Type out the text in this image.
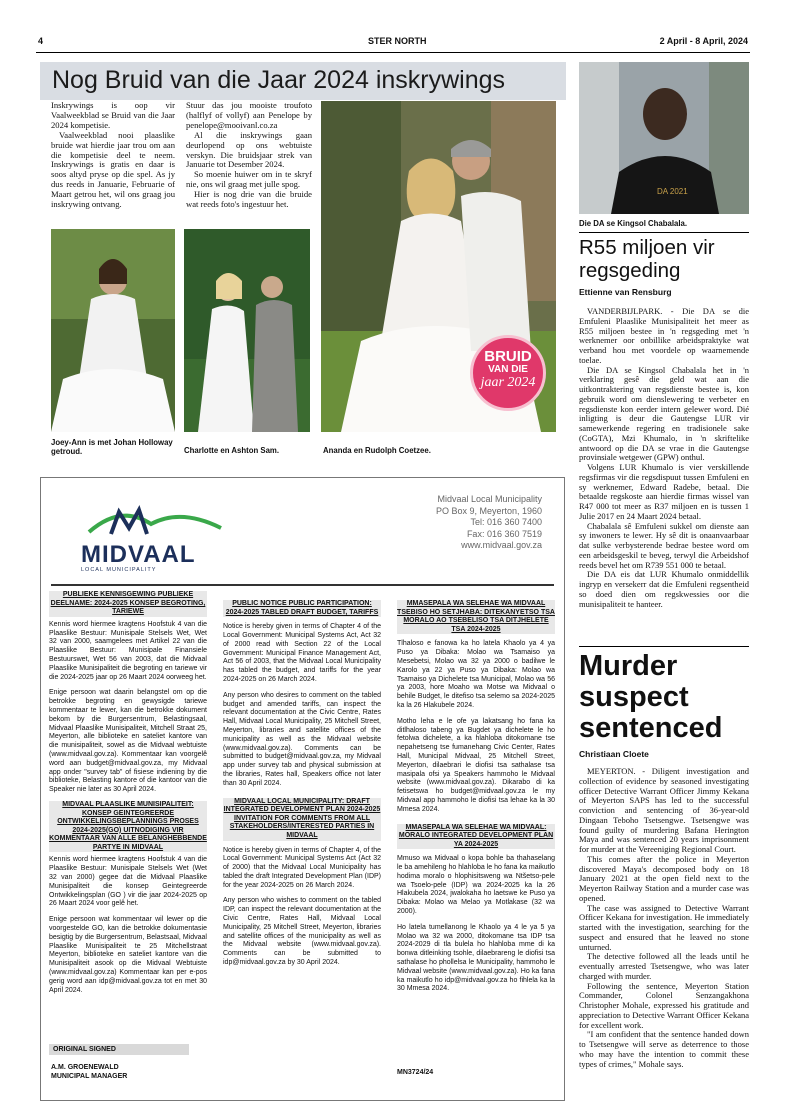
4	STER NORTH	2 April - 8 April, 2024
Nog Bruid van die Jaar 2024 inskrywings

Inskrywings is oop vir Vaalweekblad se Bruid van die Jaar 2024 kompetisie.

Vaalweekblad nooi plaaslike bruide wat hierdie jaar trou om aan die kompetisie deel te neem. Inskrywings is gratis en daar is soos altyd pryse op die spel. As jy dus reeds in Januarie, Februarie of Maart getrou het, wil ons graag jou inskrywing ontvang.

Stuur das jou mooiste troufoto (halflyf of vollyf) aan Penelope by penelope@mooivanl.co.za

Al die inskrywings gaan deurlopend op ons webtuiste verskyn. Die bruidsjaar strek van Januarie tot Desember 2024.

So moenie huiwer om in te skryf nie, ons wil graag met julle spog.

Hier is nog drie van die bruide wat reeds foto's ingestuur het.

Joey-Ann is met Johan Holloway getroud.	Charlotte en Ashton Sam.	Ananda en Rudolph Coetzee.
BRUID
VAN DIE
jaar 2024
DA 2021
Die DA se Kingsol Chabalala.
R55 miljoen vir regsgeding
Ettienne van Rensburg

VANDERBIJLPARK. - Die DA se die Emfuleni Plaaslike Munisipaliteit het meer as R55 miljoen bestee in 'n regsgeding met 'n werknemer oor onbillike arbeidspraktyke wat verband hou met voordele op waarnemende toelae.

Die DA se Kingsol Chabalala het in 'n verklaring gesê die geld wat aan die uitkontraktering van regsdienste bestee is, kon gebruik word om dienslewering te verbeter en regsdienste kon eerder intern gelewer word. Dié inligting is deur die Gautengse LUR vir samewerkende regering en tradisionele sake (CoGTA), Mzi Khumalo, in 'n skriftelike antwoord op die DA se vrae in die Gautengse provinsiale wetgewer (GPW) onthul.

Volgens LUR Khumalo is vier verskillende regsfirmas vir die regsdispuut tussen Emfuleni en sy werknemer, Edward Radebe, betaal. Die betaalde regskoste aan hierdie firmas wissel van R47 000 tot meer as R37 miljoen en is tussen 1 Julie 2017 en 24 Maart 2024 betaal.

Chabalala sê Emfuleni sukkel om dienste aan sy inwoners te lewer. Hy sê dit is onaanvaarbaar dat sulke verbysterende bedrae bestee word om een arbeidsgeskil te beveg, terwyl die Arbeidshof reeds bevel het om R739 551 000 te betaal.

Die DA eis dat LUR Khumalo onmiddellik ingryp en versekerr dat die Emfuleni regsentheid so doed dien om regskwessies oor die munisipaliteit te hanteer.

Murder
suspect
sentenced
Christiaan Cloete

MEYERTON. - Diligent investigation and collection of evidence by seasoned investigating officer Detective Warrant Officer Jimmy Kekana of Meyerton SAPS has led to the successful conviction and sentencing of 36-year-old Dingaan Teboho Tsetsengwe. Tsetsengwe was found guilty of murdering Bafana Herington Maya and was sentenced 20 years imprisonment for murder at the Vereeniging Regional Court.

This comes after the police in Meyerton discovered Maya's decomposed body on 18 January 2021 at the open field next to the Meyerton Railway Station and a murder case was opened.

The case was assigned to Detective Warrant Officer Kekana for investigation. He immediately started with the investigation, searching for the suspect and ensured that he leaved no stone unturned.

The detective followed all the leads until he eventually arrested Tsetsengwe, who was later charged with murder.

Following the sentence, Meyerton Station Commander, Colonel Senzangakhona Christopher Mohale, expressed his gratitude and appreciation to Detective Warrant Officer Kekana for excellent work.

"I am confident that the sentence handed down to Tsetsengwe will serve as deterrence to those who may have the intention to commit these types of crimes," Mohale says.

MIDVAAL
LOCAL MUNICIPALITY
Midvaal Local Municipality
PO Box 9, Meyerton, 1960
Tel: 016 360 7400
Fax: 016 360 7519
www.midvaal.gov.za
PUBLIEKE KENNISGEWING PUBLIEKE DEELNAME: 2024-2025 KONSEP BEGROTING, TARIEWE

Kennis word hiermee kragtens Hoofstuk 4 van die Plaaslike Bestuur: Munisipale Stelsels Wet, Wet 32 van 2000, saamgelees met Artikel 22 van die Plaaslike Bestuur: Munisipale Finansiele Bestuurswet, Wet 56 van 2003, dat die Midvaal Plaaslike Munisipaliteit die begroting en tariewe vir die 2024-2025 jaar op 26 Maart 2024 oorweeg het.

Enige persoon wat daarin belangstel om op die betrokke begroting en gewysigde tariewe kommentaar te lewer, kan die betrokke dokument bekom by die Burgersentrum, Belastingsaal, Midvaal Plaaslike Munisipaliteit, Mitchell Straat 25, Meyerton, alle biblioteke en sateliet kantore van die munisipaliteit, sowel as die Midvaal webtuiste (www.midvaal.gov.za). Kommentaar kan voorgelê word aan budget@midvaal.gov.za, my Midvaal app onder "survey tab" of fisiese indiening by die biblioteke, Belasting kantore of die kantoor van die Speaker nie later as 30 April 2024.

MIDVAAL PLAASLIKE MUNISIPALITEIT: KONSEP GEINTEGREERDE ONTWIKKELINGSBEPLANNINGS PROSES 2024-2025(GO) UITNODIGING VIR KOMMENTAAR VAN ALLE BELANGHEBBENDE PARTYE IN MIDVAAL

Kennis word hiermee kragtens Hoofstuk 4 van die Plaaslike Bestuur: Munisipale Stelsels Wet (Wet 32 van 2000) gegee dat die Midvaal Plaaslike Munisipaliteit die konsep Geintegreerde Ontwikkelingsplan (GO ) vir die jaar 2024-2025 op 26 Maart 2024 voor gelê het.

Enige persoon wat kommentaar wil lewer op die voorgestelde GO, kan die betrokke dokumentasie besigtig by die Burgersentrum, Belastsaal, Midvaal Plaaslike Munisipaliteit te 25 Mitchellstraat Meyerton, biblioteke en sateliet kantore van die Munisipaliteit asook op die Midvaal Webtuiste (www.midvaal.gov.za) Kommentaar kan per e-pos gerig word aan idp@midvaal.gov.za tot en met 30 April 2024.

PUBLIC NOTICE PUBLIC PARTICIPATION: 2024-2025 TABLED DRAFT BUDGET, TARIFFS

Notice is hereby given in terms of Chapter 4 of the Local Government: Municipal Systems Act, Act 32 of 2000 read with Section 22 of the Local Government: Municipal Finance Management Act, Act 56 of 2003, that the Midvaal Local Municipality has tabled the budget, and tariffs for the year 2024-2025 on 26 March 2024.

Any person who desires to comment on the tabled budget and amended tariffs, can inspect the relevant documentation at the Civic Centre, Rates Hall, Midvaal Local Municipality, 25 Mitchell Street, Meyerton, libraries and satellite offices of the municipality as well as the Midvaal website (www.midvaal.gov.za). Comments can be submitted to budget@midvaal.gov.za, my Midvaal app under survey tab and physical submission at the libraries, Rates hall, Speakers office not later than 30 April 2024.

MIDVAAL LOCAL MUNICIPALITY: DRAFT INTEGRATED DEVELOPMENT PLAN 2024-2025 INVITATION FOR COMMENTS FROM ALL STAKEHOLDERS/INTERESTED PARTIES IN MIDVAAL

Notice is hereby given in terms of Chapter 4, of the Local Government: Municipal Systems Act (Act 32 of 2000) that the Midvaal Local Municipality has tabled the draft Integrated Development Plan (IDP) for the year 2024-2025 on 26 March 2024.

Any person who wishes to comment on the tabled IDP, can inspect the relevant documentation at the Civic Centre, Rates Hall, Midvaal Local Municipality, 25 Mitchell Street, Meyerton, libraries and satellite offices of the municipality as well as the Midvaal website (www.midvaal.gov.za). Comments can be submitted to idp@midvaal.gov.za by 30 April 2024.

MMASEPALA WA SELEHAE WA MIDVAAL TSEBISO HO SETJHABA: DITEKANYETSO TSA MORALO AO TSEBELISO TSA DITJHELETE TSA 2024-2025

Tlhaloso e fanowa ka ho latela Khaolo ya 4 ya Puso ya Dibaka: Molao wa Tsamaiso ya Mesebetsi, Molao wa 32 ya 2000 o badilwe le Karolo ya 22 ya Puso ya Dibaka: Molao wa Tsamaiso ya Dichelete tsa Municipal, Molao wa 56 ya 2003, hore Moaho wa Motse wa Midvaal o behile Budget, le ditefiso tsa selemo sa 2024-2025 ka la 26 Hlakubele 2024.

Motho leha e le ofe ya lakatsang ho fana ka ditlhaloso tabeng ya Bugdet ya dichelete le ho fetolwa dichelete, a ka hlahloba ditokomane tse nepahetseng tse fumanehang Civic Center, Rates Hall, Municipal Midvaal, 25 Mitchell Street, Meyerton, dilaebrari le diofisi tsa sathalase tsa masipala ofsi ya Speakers hammoho le Midvaal website (www.midvaal.gov.za). Dikarabo di ka fetisetswa ho budget@midvaal.gov.za le my Midvaal app hammoho le diofisi tsa lehae ka la 30 Mmesa 2024.

MMASEPALA WA SELEHAE WA MIDVAAL: MORALO INTEGRATED DEVELOPMENT PLAN YA 2024-2025

Mmuso wa Midvaal o kopa bohle ba thahaselang le ba amehileng ho hlahloba le ho fana ka maikutlo hodima moralo o hlophisitsweng wa Ntšetso-pele wa Tsoelo-pele (IDP) wa 2024-2025 ka la 26 Hlakubela 2024, jwalokaha ho laetswe ke Puso ya Dibaka: Molao wa Melao ya Motlakase (32 wa 2000).

Ho latela tumellanong le Khaolo ya 4 le ya 5 ya Molao wa 32 wa 2000, ditokomane tsa IDP tsa 2024-2029 di tla bulela ho hlahloba mme di ka bonwa ditleinking tsohle, dilaebrareng le diofisi tsa sathalase ho phollelsa le Municipality, hammoho le Midvaal website (www.midvaal.gov.za). Ho ka fana ka maikutlo ho idp@midvaal.gov.za ho fihlela ka la 30 Mmesa 2024.

ORIGINAL SIGNED
A.M. GROENEWALD
MUNICIPAL MANAGER
MN3724/24
